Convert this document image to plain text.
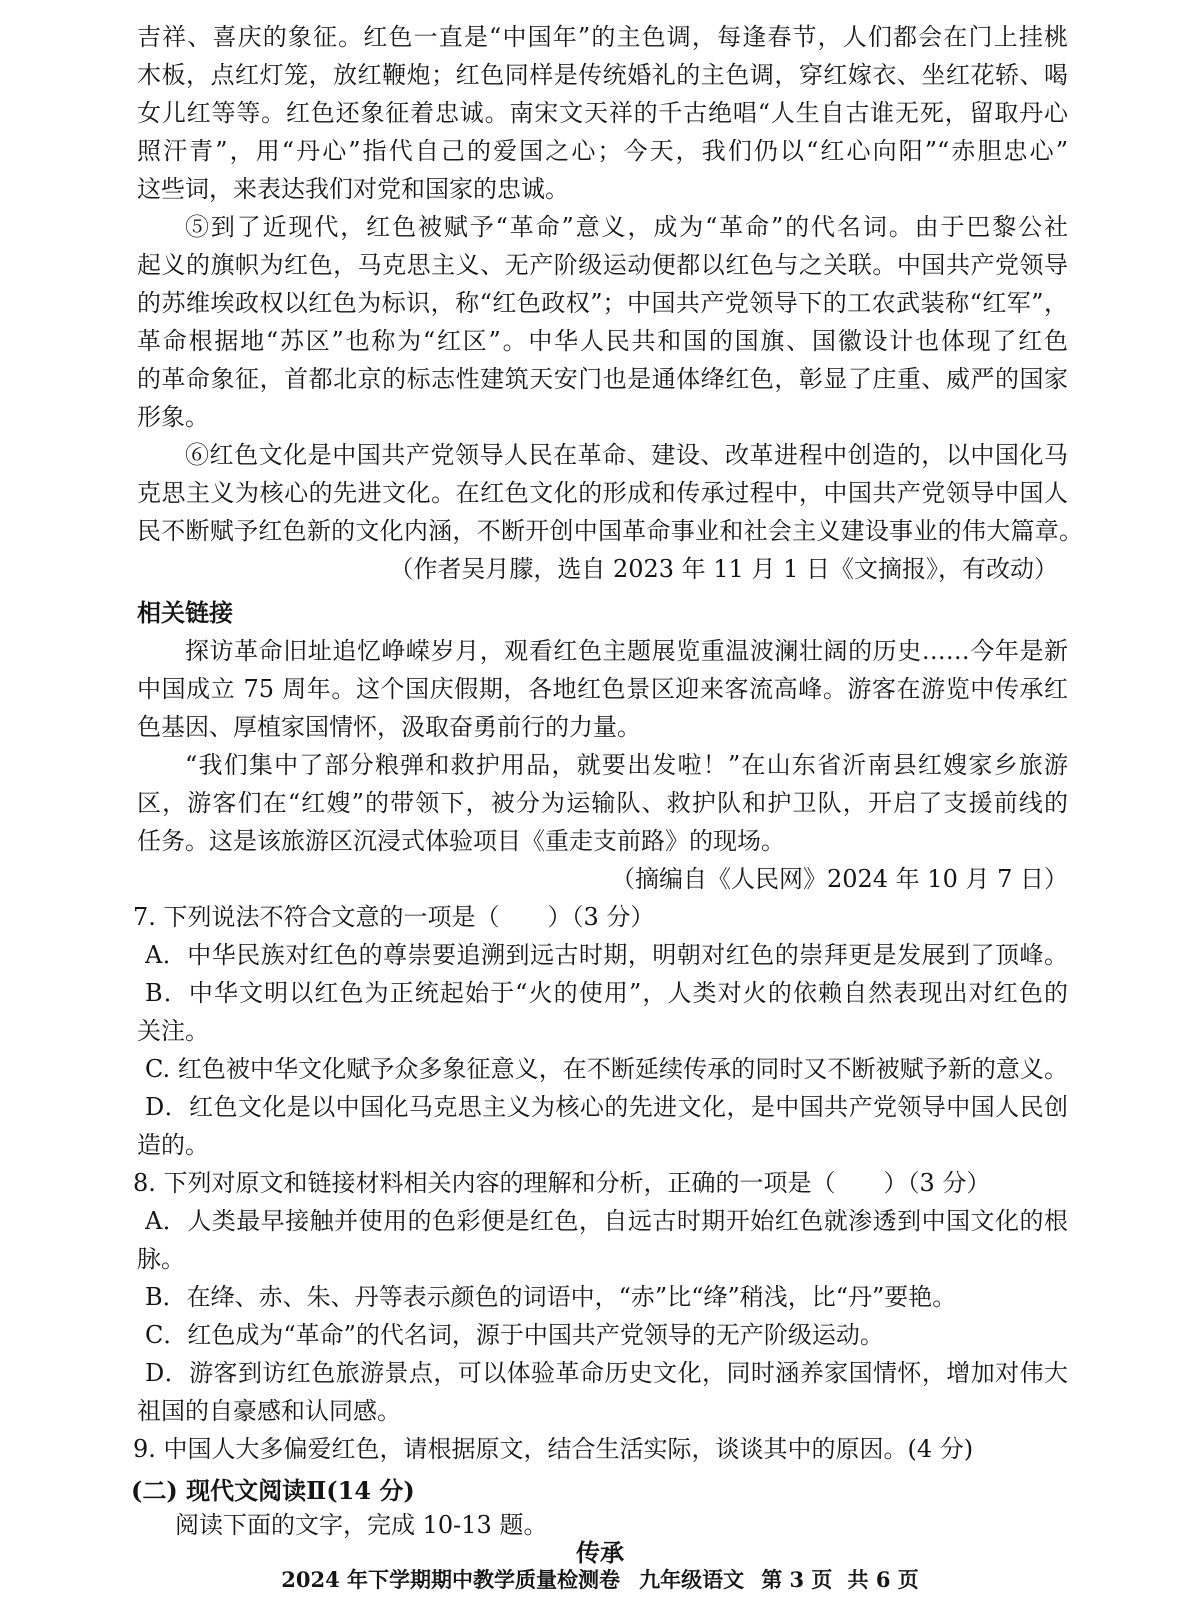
吉祥、喜庆的象征。红色一直是“中国年”的主色调，每逢春节，人们都会在门上挂桃
木板，点红灯笼，放红鞭炮；红色同样是传统婚礼的主色调，穿红嫁衣、坐红花轿、喝
女儿红等等。红色还象征着忠诚。南宋文天祥的千古绝唱“人生自古谁无死，留取丹心
照汗青”，用“丹心”指代自己的爱国之心；今天，我们仍以“红心向阳”“赤胆忠心”
这些词，来表达我们对党和国家的忠诚。
⑤到了近现代，红色被赋予“革命”意义，成为“革命”的代名词。由于巴黎公社
起义的旗帜为红色，马克思主义、无产阶级运动便都以红色与之关联。中国共产党领导
的苏维埃政权以红色为标识，称“红色政权”；中国共产党领导下的工农武装称“红军”，
革命根据地“苏区”也称为“红区”。中华人民共和国的国旗、国徽设计也体现了红色
的革命象征，首都北京的标志性建筑天安门也是通体绛红色，彰显了庄重、威严的国家
形象。
⑥红色文化是中国共产党领导人民在革命、建设、改革进程中创造的，以中国化马
克思主义为核心的先进文化。在红色文化的形成和传承过程中，中国共产党领导中国人
民不断赋予红色新的文化内涵，不断开创中国革命事业和社会主义建设事业的伟大篇章。
（作者吴月朦，选自 2023 年 11 月 1 日《文摘报》，有改动）
相关链接
探访革命旧址追忆峥嵘岁月，观看红色主题展览重温波澜壮阔的历史……今年是新
中国成立 75 周年。这个国庆假期，各地红色景区迎来客流高峰。游客在游览中传承红
色基因、厚植家国情怀，汲取奋勇前行的力量。
“我们集中了部分粮弹和救护用品，就要出发啦！”在山东省沂南县红嫂家乡旅游
区，游客们在“红嫂”的带领下，被分为运输队、救护队和护卫队，开启了支援前线的
任务。这是该旅游区沉浸式体验项目《重走支前路》的现场。
（摘编自《人民网》2024 年 10 月 7 日）
7. 下列说法不符合文意的一项是（　　）（3 分）
A．中华民族对红色的尊崇要追溯到远古时期，明朝对红色的崇拜更是发展到了顶峰。
B．中华文明以红色为正统起始于“火的使用”，人类对火的依赖自然表现出对红色的
关注。
C. 红色被中华文化赋予众多象征意义，在不断延续传承的同时又不断被赋予新的意义。
D．红色文化是以中国化马克思主义为核心的先进文化，是中国共产党领导中国人民创
造的。
8. 下列对原文和链接材料相关内容的理解和分析，正确的一项是（　　）（3 分）
A．人类最早接触并使用的色彩便是红色，自远古时期开始红色就渗透到中国文化的根
脉。
B．在绛、赤、朱、丹等表示颜色的词语中，“赤”比“绛”稍浅，比“丹”要艳。
C．红色成为“革命”的代名词，源于中国共产党领导的无产阶级运动。
D．游客到访红色旅游景点，可以体验革命历史文化，同时涵养家国情怀，增加对伟大
祖国的自豪感和认同感。
9. 中国人大多偏爱红色，请根据原文，结合生活实际，谈谈其中的原因。(4 分)
(二) 现代文阅读Ⅱ(14 分)
阅读下面的文字，完成 10-13 题。
传承
2024 年下学期期中教学质量检测卷 九年级语文 第 3 页 共 6 页
